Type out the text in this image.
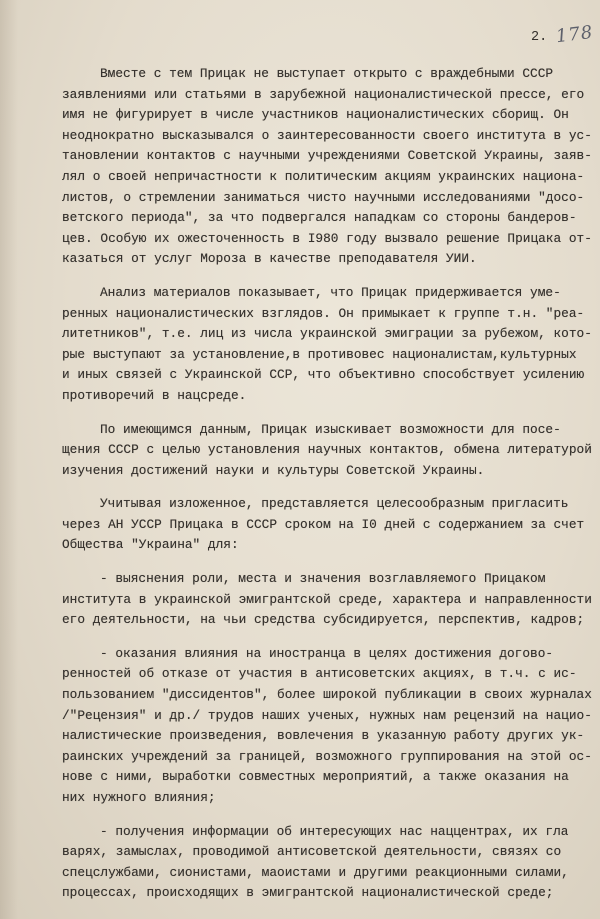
2. 178
Вместе с тем Прицак не выступает открыто с враждебными СССР
заявлениями или статьями в зарубежной националистической прессе, его
имя не фигурирует в числе участников националистических сборищ. Он
неоднократно высказывался о заинтересованности своего института в ус-
тановлении контактов с научными учреждениями Советской Украины, заяв-
лял о своей непричастности к политическим акциям украинских национа-
листов, о стремлении заниматься чисто научными исследованиями "досо-
ветского периода", за что подвергался нападкам со стороны бандеров-
цев. Особую их ожесточенность в I980 году вызвало решение Прицака от-
казаться от услуг Мороза в качестве преподавателя УИИ.
Анализ материалов показывает, что Прицак придерживается уме-
ренных националистических взглядов. Он примыкает к группе т.н. "реа-
литетников", т.е. лиц из числа украинской эмиграции за рубежом, кото-
рые выступают за установление,в противовес националистам,культурных
и иных связей с Украинской ССР, что объективно способствует усилению
противоречий в нацсреде.
По имеющимся данным, Прицак изыскивает возможности для посе-
щения СССР с целью установления научных контактов, обмена литературой
изучения достижений науки и культуры Советской Украины.
Учитывая изложенное, представляется целесообразным пригласить
через АН УССР Прицака в СССР сроком на I0 дней с содержанием за счет
Общества "Украина" для:
- выяснения роли, места и значения возглавляемого Прицаком
института в украинской эмигрантской среде, характера и направленности
его деятельности, на чьи средства субсидируется, перспектив, кадров;
- оказания влияния на иностранца в целях достижения догово-
ренностей об отказе от участия в антисоветских акциях, в т.ч. с ис-
пользованием "диссидентов", более широкой публикации в своих журналах
/"Рецензия" и др./ трудов наших ученых, нужных нам рецензий на нацио-
налистические произведения, вовлечения в указанную работу других ук-
раинских учреждений за границей, возможного группирования на этой ос-
нове с ними, выработки совместных мероприятий, а также оказания на
них нужного влияния;
- получения информации об интересующих нас наццентрах, их гла
варях, замыслах, проводимой антисоветской деятельности, связях со
спецслужбами, сионистами, маоистами и другими реакционными силами,
процессах, происходящих в эмигрантской националистической среде;
